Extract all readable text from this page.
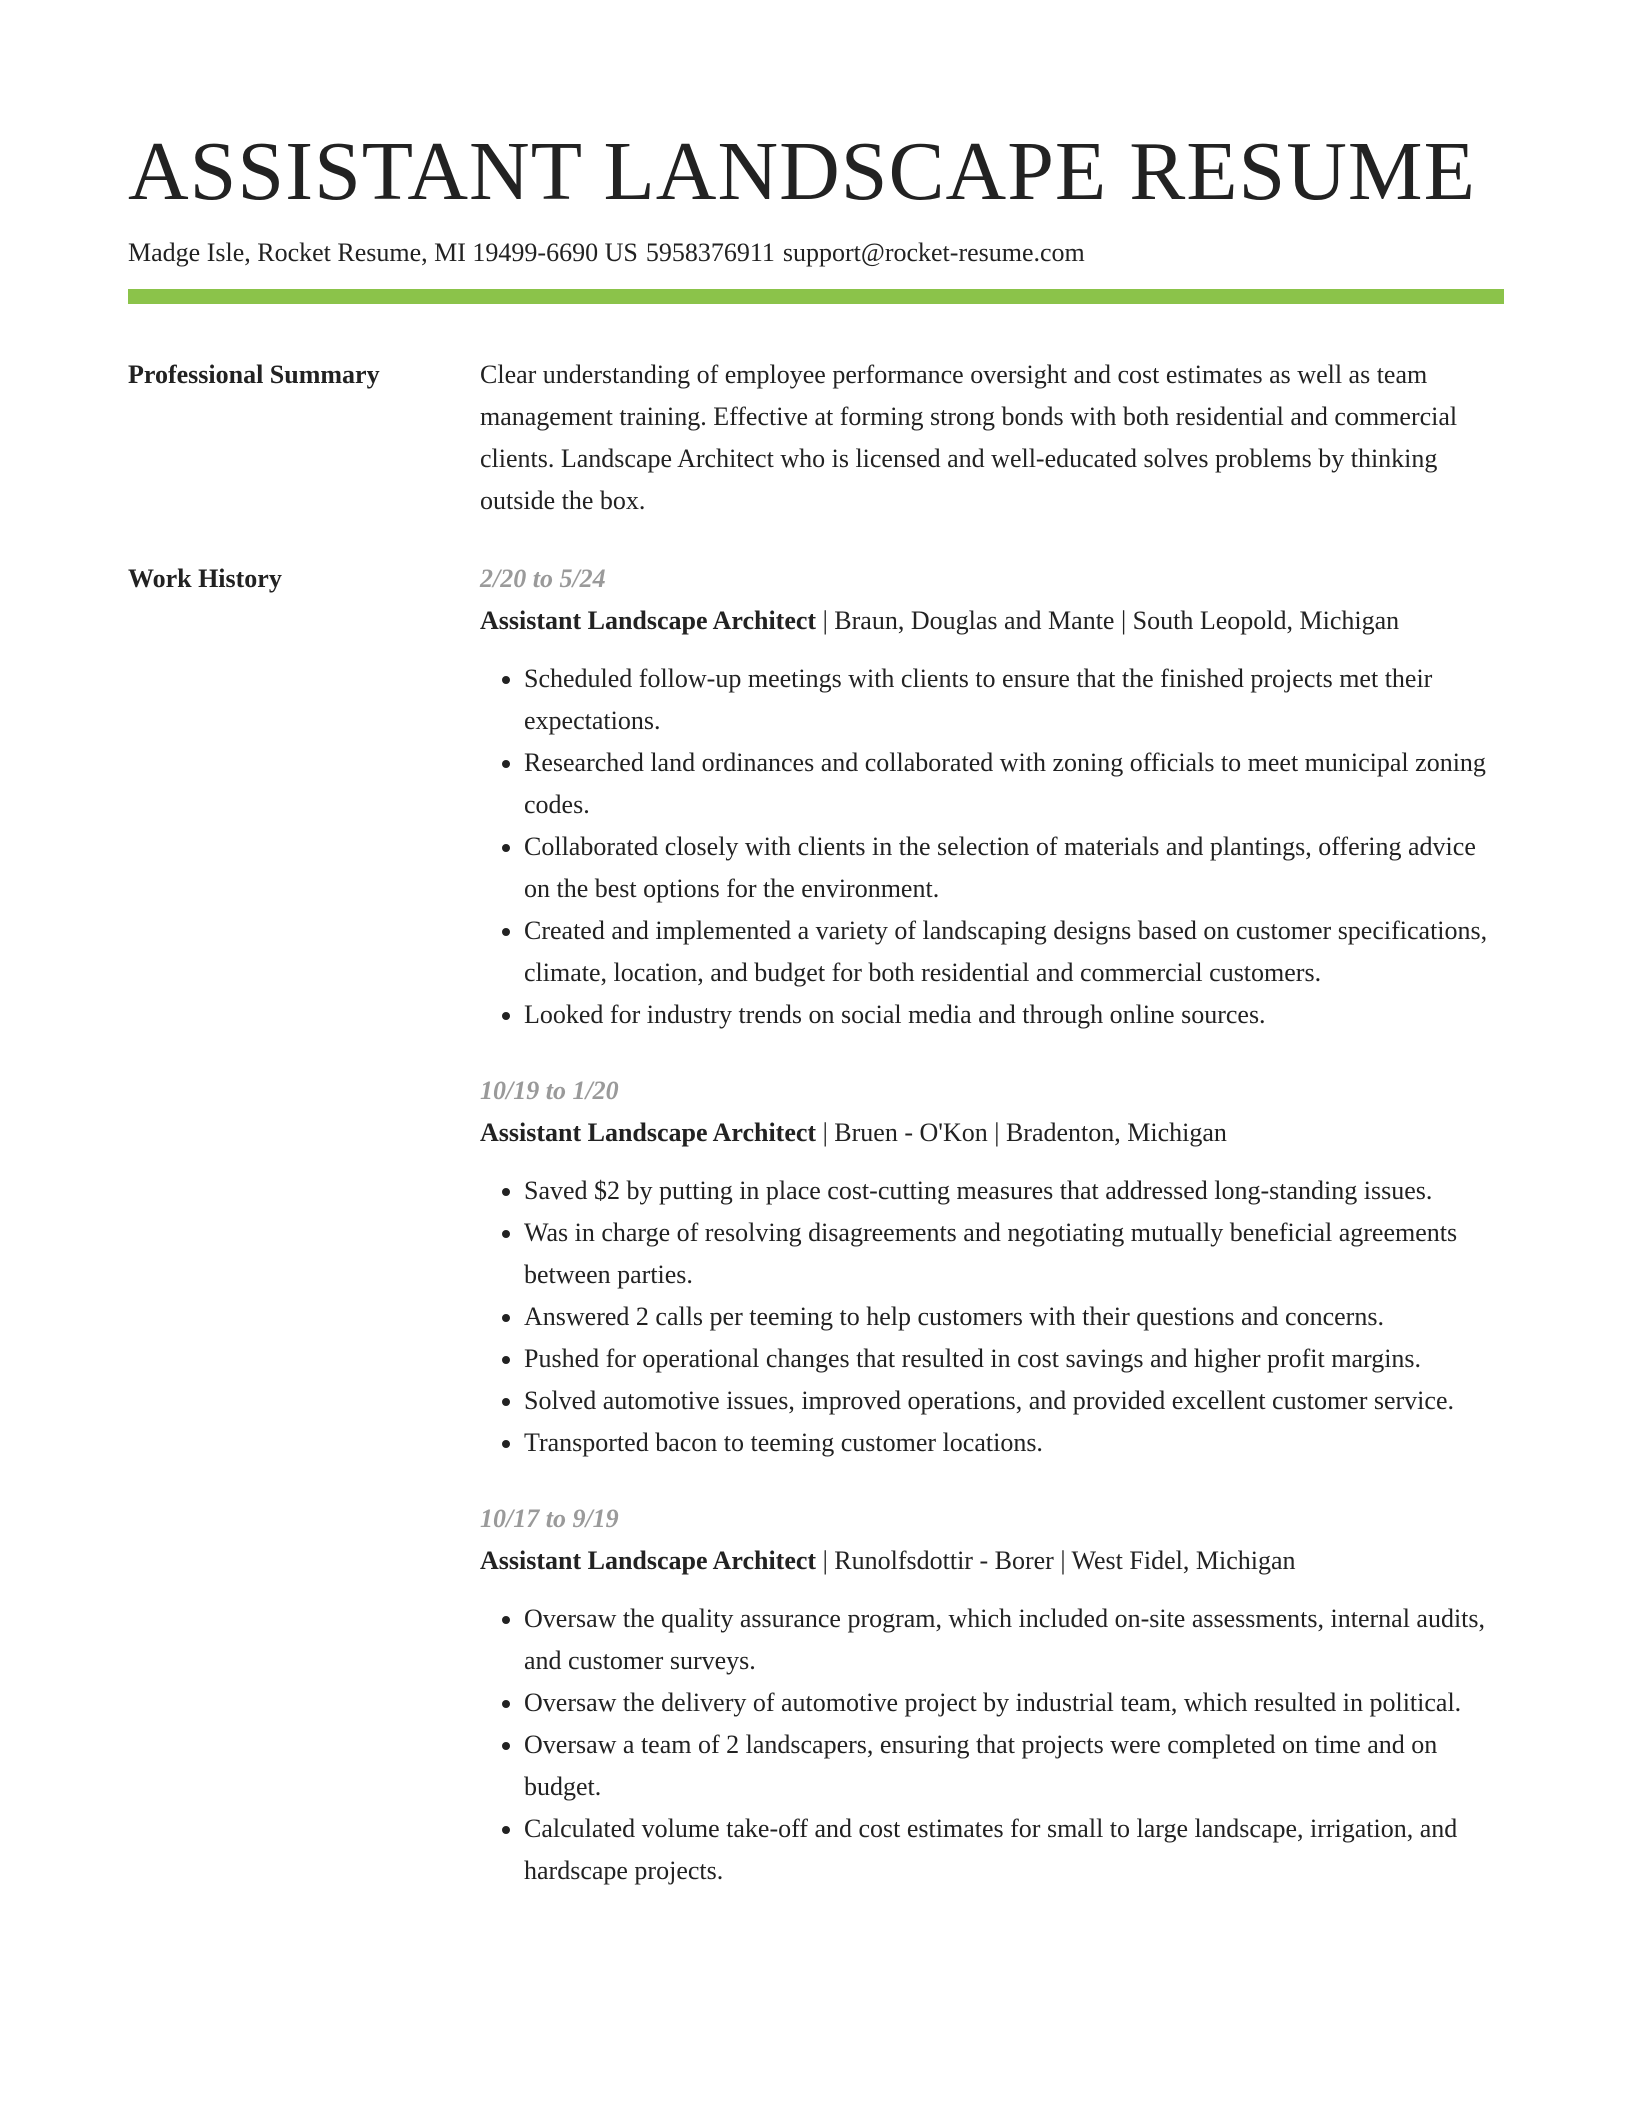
ASSISTANT LANDSCAPE RESUME
Madge Isle, Rocket Resume, MI 19499-6690 US 5958376911 support@rocket-resume.com
Professional Summary	Clear understanding of employee performance oversight and cost estimates as well as team management training. Effective at forming strong bonds with both residential and commercial clients. Landscape Architect who is licensed and well-educated solves problems by thinking outside the box.

Work History	2/20 to 5/24
Assistant Landscape Architect | Braun, Douglas and Mante | South Leopold, Michigan
• Scheduled follow-up meetings with clients to ensure that the finished projects met their expectations.
• Researched land ordinances and collaborated with zoning officials to meet municipal zoning codes.
• Collaborated closely with clients in the selection of materials and plantings, offering advice on the best options for the environment.
• Created and implemented a variety of landscaping designs based on customer specifications, climate, location, and budget for both residential and commercial customers.
• Looked for industry trends on social media and through online sources.
10/19 to 1/20
Assistant Landscape Architect | Bruen - O'Kon | Bradenton, Michigan
• Saved $2 by putting in place cost-cutting measures that addressed long-standing issues.
• Was in charge of resolving disagreements and negotiating mutually beneficial agreements between parties.
• Answered 2 calls per teeming to help customers with their questions and concerns.
• Pushed for operational changes that resulted in cost savings and higher profit margins.
• Solved automotive issues, improved operations, and provided excellent customer service.
• Transported bacon to teeming customer locations.
10/17 to 9/19
Assistant Landscape Architect | Runolfsdottir - Borer | West Fidel, Michigan
• Oversaw the quality assurance program, which included on-site assessments, internal audits, and customer surveys.
• Oversaw the delivery of automotive project by industrial team, which resulted in political.
• Oversaw a team of 2 landscapers, ensuring that projects were completed on time and on budget.
• Calculated volume take-off and cost estimates for small to large landscape, irrigation, and hardscape projects.
